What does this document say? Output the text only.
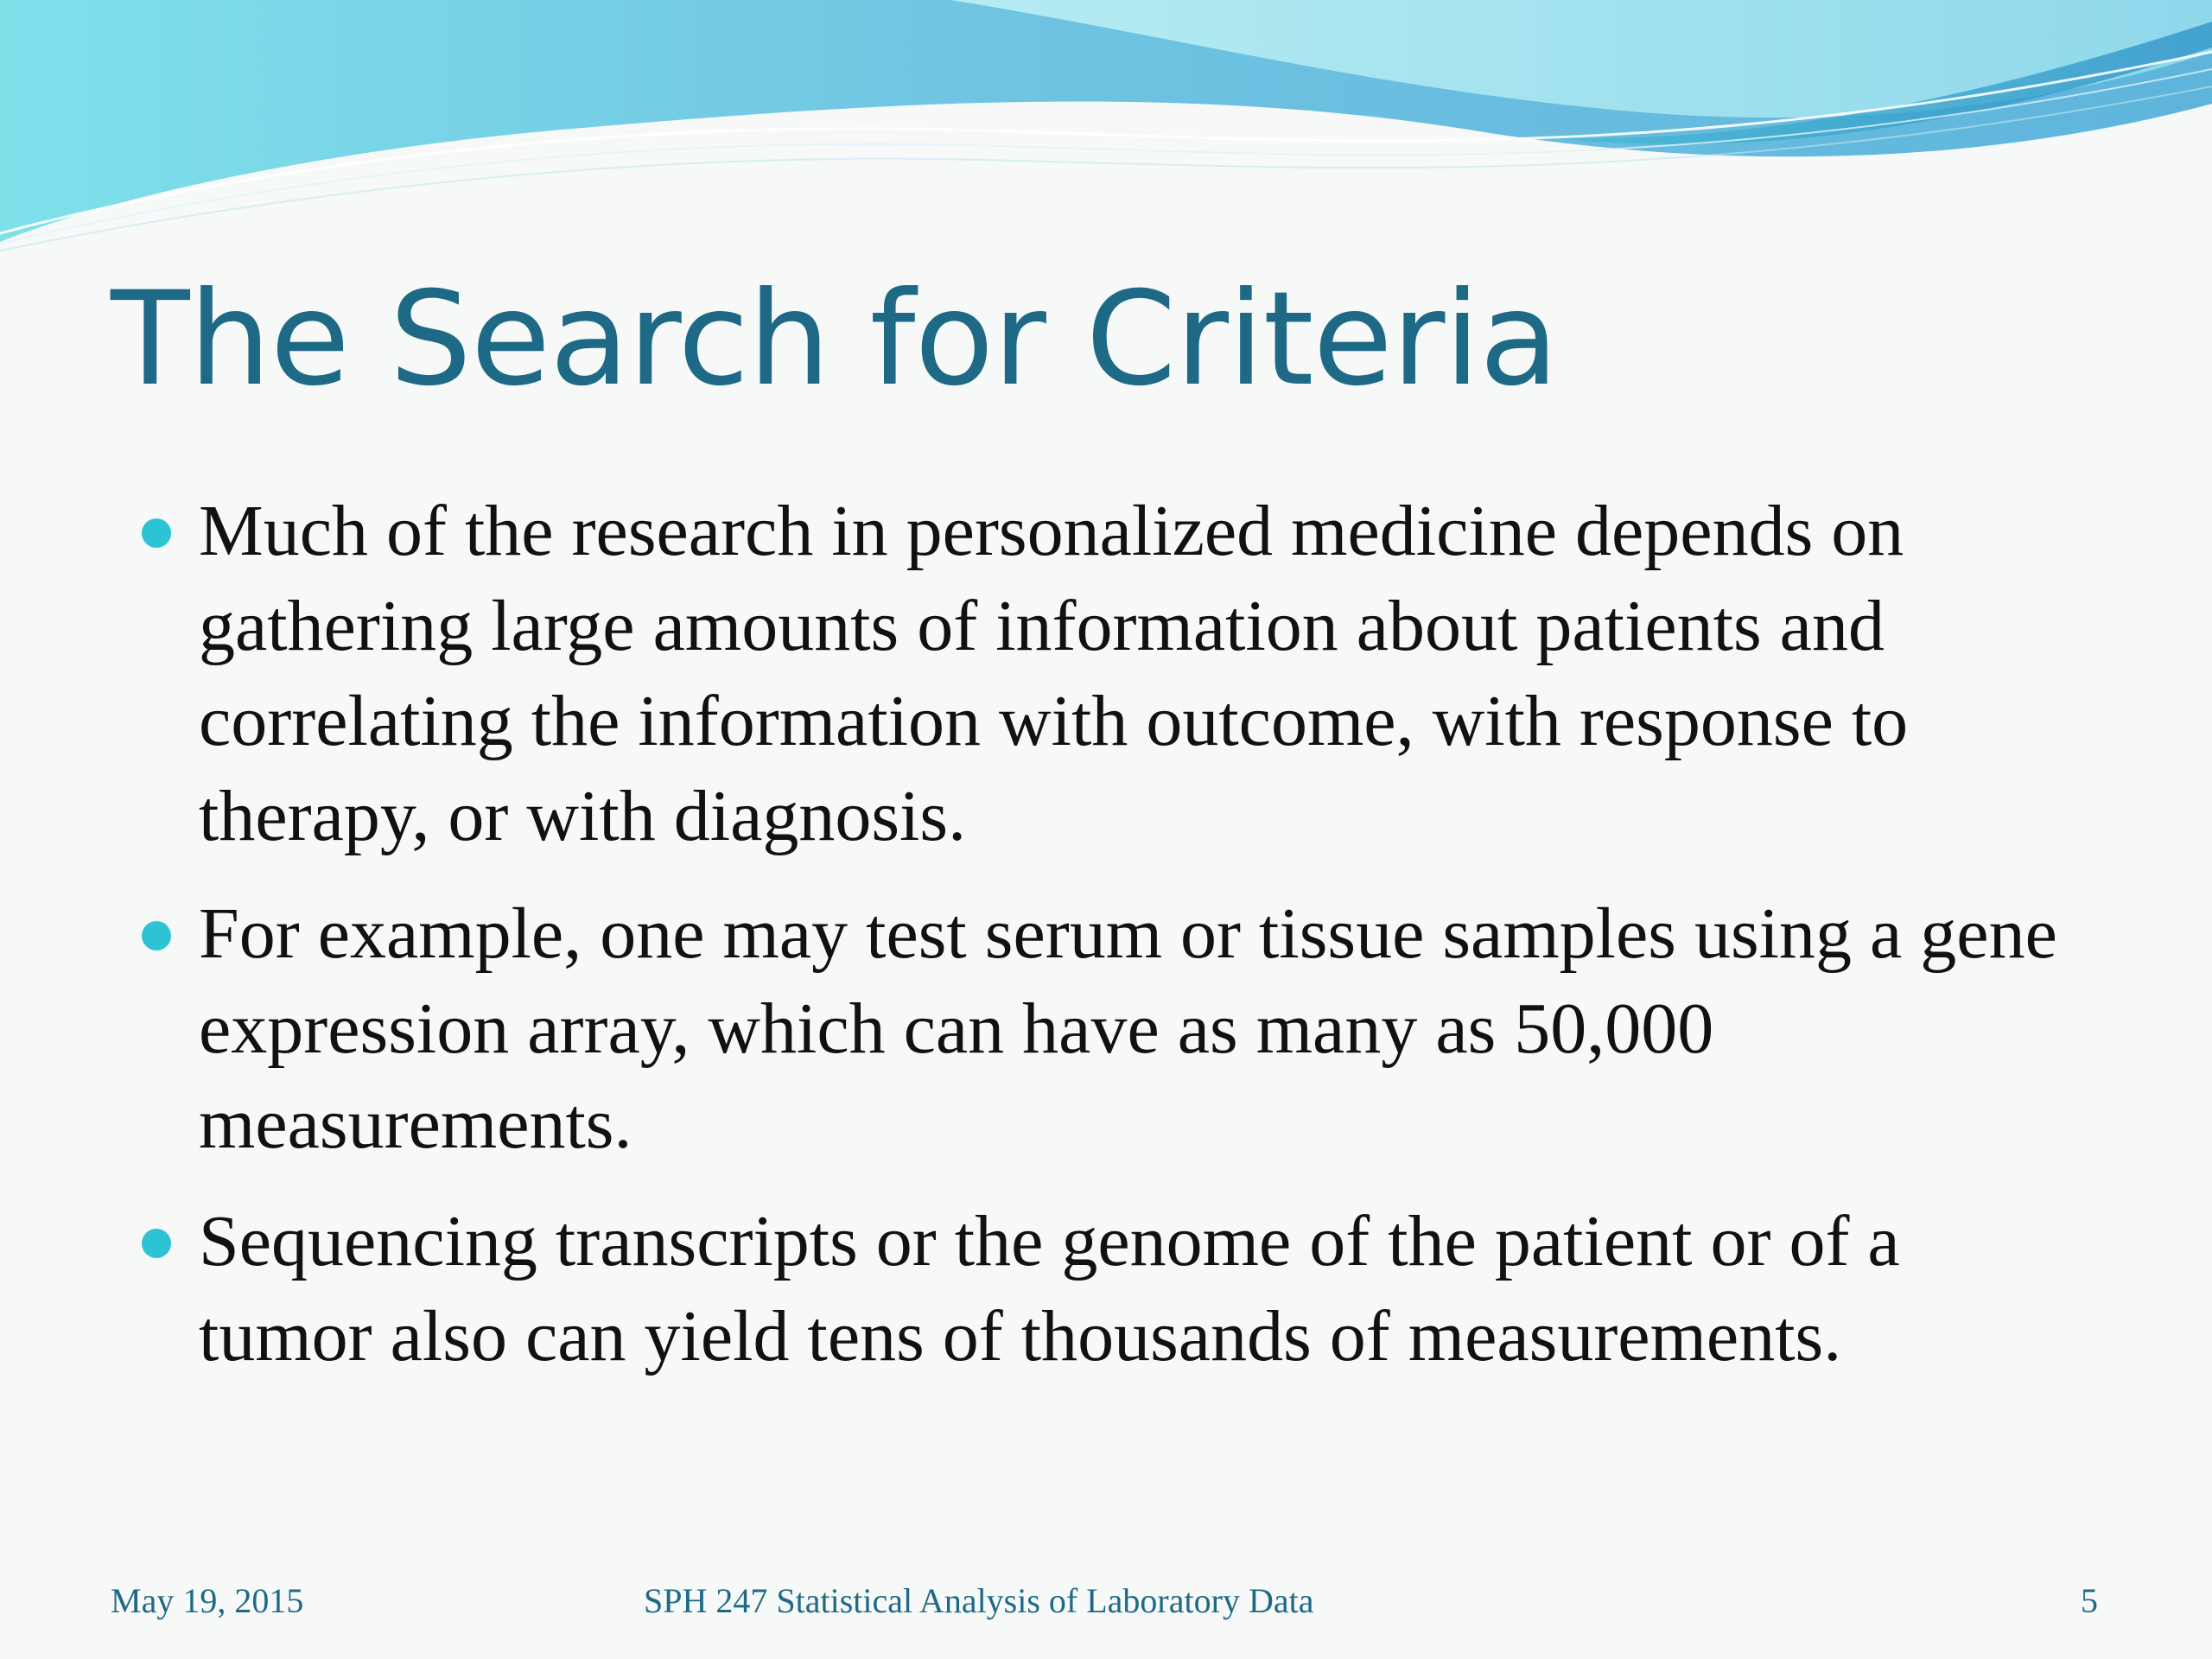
The Search for Criteria
Much of the research in personalized medicine depends on gathering large amounts of information about patients and correlating the information with outcome, with response to therapy, or with diagnosis.
For example, one may test serum or tissue samples using a gene expression array, which can have as many as 50,000 measurements.
Sequencing transcripts or the genome of the patient or of a tumor also can yield tens of thousands of measurements.
May 19, 2015	SPH 247 Statistical Analysis of Laboratory Data	5
